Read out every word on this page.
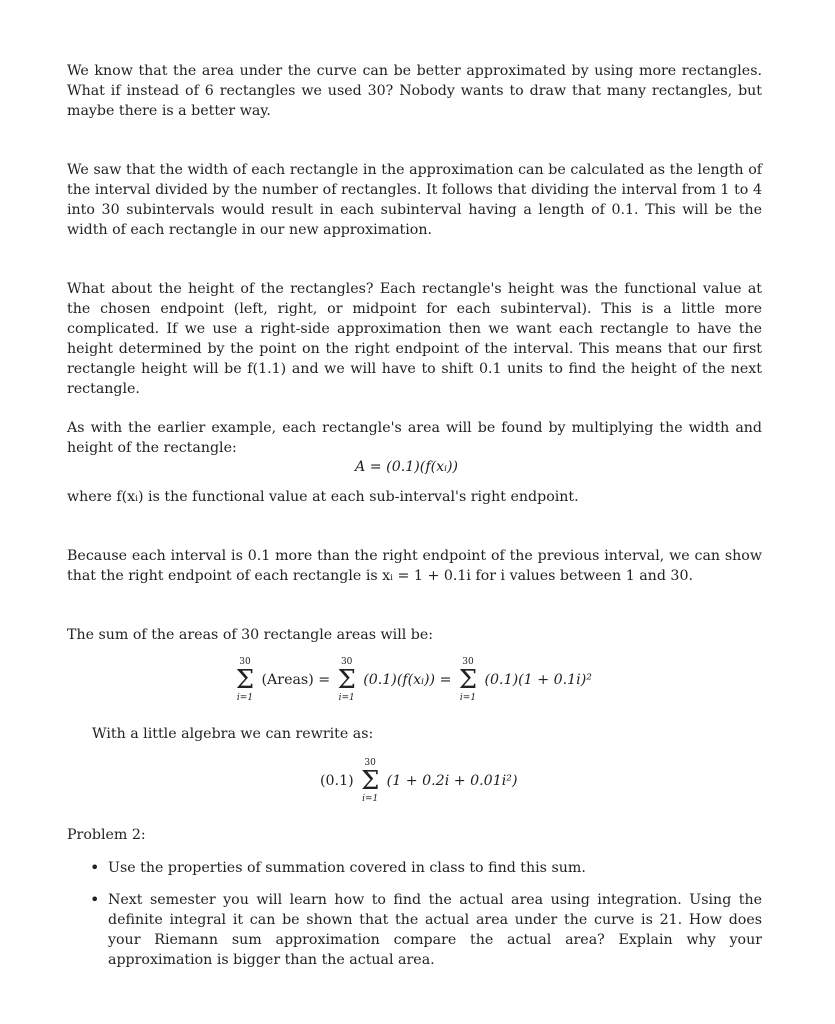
We know that the area under the curve can be better approximated by using more rectangles. What if instead of 6 rectangles we used 30? Nobody wants to draw that many rectangles, but maybe there is a better way.

We saw that the width of each rectangle in the approximation can be calculated as the length of the interval divided by the number of rectangles. It follows that dividing the interval from 1 to 4 into 30 subintervals would result in each subinterval having a length of 0.1. This will be the width of each rectangle in our new approximation.

What about the height of the rectangles? Each rectangle's height was the functional value at the chosen endpoint (left, right, or midpoint for each subinterval). This is a little more complicated. If we use a right-side approximation then we want each rectangle to have the height determined by the point on the right endpoint of the interval. This means that our first rectangle height will be f(1.1) and we will have to shift 0.1 units to find the height of the next rectangle.

As with the earlier example, each rectangle's area will be found by multiplying the width and height of the rectangle:

A = (0.1)(f(xᵢ))

where f(xᵢ) is the functional value at each sub-interval's right endpoint.

Because each interval is 0.1 more than the right endpoint of the previous interval, we can show that the right endpoint of each rectangle is xᵢ = 1 + 0.1i for i values between 1 and 30.

The sum of the areas of 30 rectangle areas will be:

30
Σ
i=1
(Areas) =
30
Σ
i=1
(0.1)(f(xᵢ)) =
30
Σ
i=1
(0.1)(1 + 0.1i)²

With a little algebra we can rewrite as:

(0.1)
30
Σ
i=1
(1 + 0.2i + 0.01i²)

Problem 2:

• Use the properties of summation covered in class to find this sum.
• Next semester you will learn how to find the actual area using integration. Using the definite integral it can be shown that the actual area under the curve is 21. How does your Riemann sum approximation compare the actual area? Explain why your approximation is bigger than the actual area.
